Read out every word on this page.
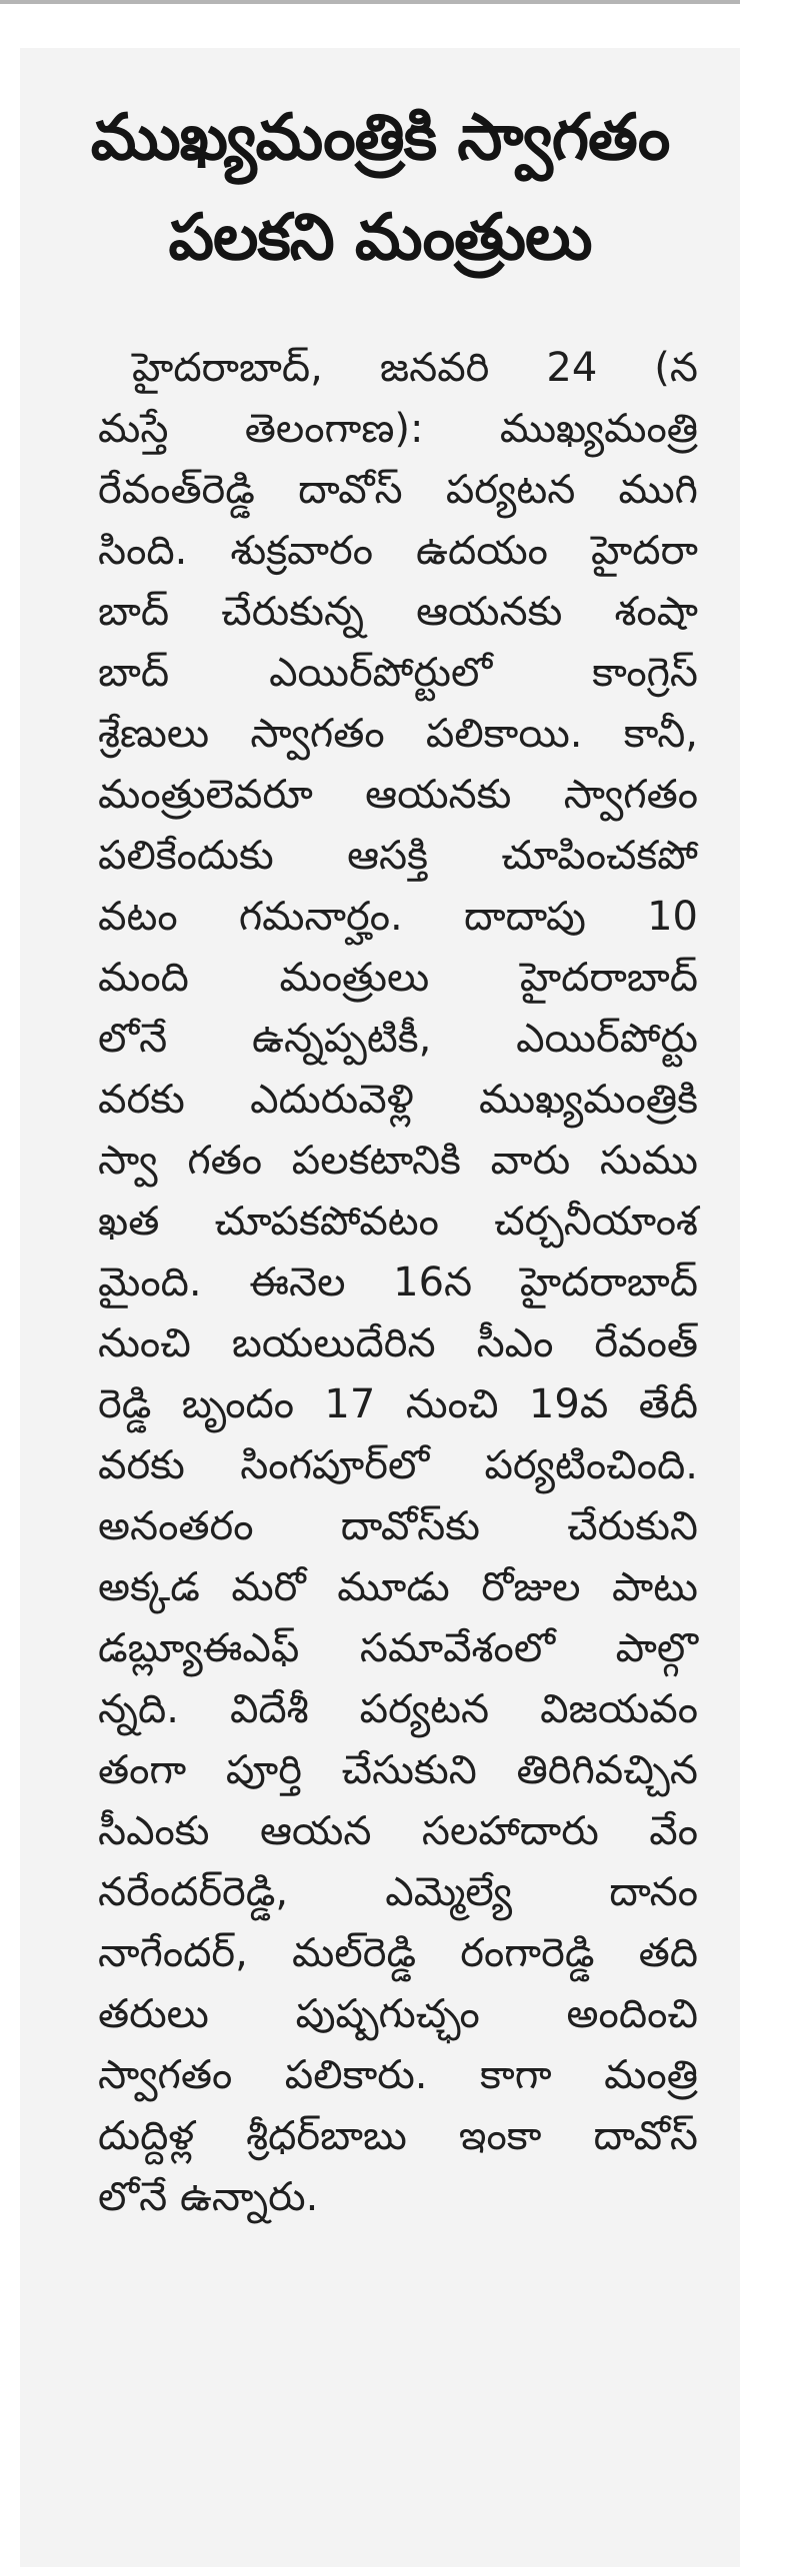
ముఖ్యమంత్రికి స్వాగతం
పలకని మంత్రులు
హైదరాబాద్, జనవరి 24 (న
మస్తే తెలంగాణ): ముఖ్యమంత్రి
రేవంత్‌రెడ్డి దావోస్ పర్యటన ముగి
సింది. శుక్రవారం ఉదయం హైదరా
బాద్ చేరుకున్న ఆయనకు శంషా
బాద్ ఎయిర్‌పోర్టులో కాంగ్రెస్
శ్రేణులు స్వాగతం పలికాయి. కానీ,
మంత్రులెవరూ ఆయనకు స్వాగతం
పలికేందుకు ఆసక్తి చూపించకపో
వటం గమనార్హం. దాదాపు 10
మంది మంత్రులు హైదరాబాద్
లోనే ఉన్నప్పటికీ, ఎయిర్‌పోర్టు
వరకు ఎదురువెళ్లి ముఖ్యమంత్రికి
స్వా గతం పలకటానికి వారు సుము
ఖత చూపకపోవటం చర్చనీయాంశ
మైంది. ఈనెల 16న హైదరాబాద్
నుంచి బయలుదేరిన సీఎం రేవంత్
రెడ్డి బృందం 17 నుంచి 19వ తేదీ
వరకు సింగపూర్‌లో పర్యటించింది.
అనంతరం దావోస్‌కు చేరుకుని
అక్కడ మరో మూడు రోజుల పాటు
డబ్ల్యూఈఎఫ్ సమావేశంలో పాల్గొ
న్నది. విదేశీ పర్యటన విజయవం
తంగా పూర్తి చేసుకుని తిరిగివచ్చిన
సీఎంకు ఆయన సలహాదారు వేం
నరేందర్‌రెడ్డి, ఎమ్మెల్యే దానం
నాగేందర్, మల్‌రెడ్డి రంగారెడ్డి తది
తరులు పుష్పగుచ్ఛం అందించి
స్వాగతం పలికారు. కాగా మంత్రి
దుద్దిళ్ల శ్రీధర్‌బాబు ఇంకా దావోస్
లోనే ఉన్నారు.
